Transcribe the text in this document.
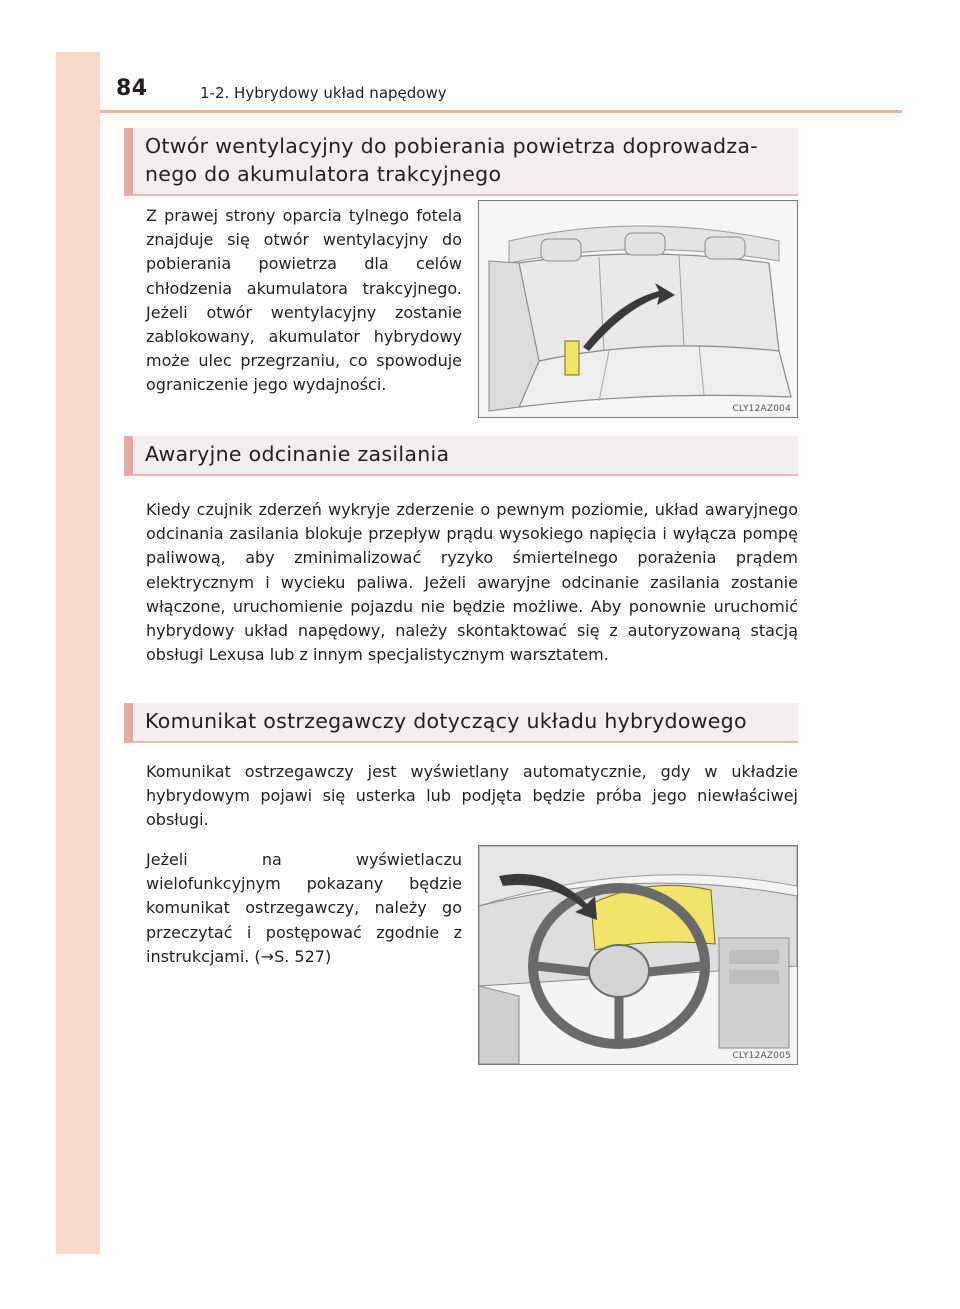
84	1-2. Hybrydowy układ napędowy
Otwór wentylacyjny do pobierania powietrza doprowadza-
nego do akumulatora trakcyjnego

Z prawej strony oparcia tylnego fotela znajduje się otwór wentylacyjny do pobierania powietrza dla celów chłodzenia akumulatora trakcyjnego. Jeżeli otwór wentylacyjny zostanie zablokowany, akumulator hybrydowy może ulec przegrzaniu, co spowoduje ograniczenie jego wydajności.

CLY12AZ004
Awaryjne odcinanie zasilania

Kiedy czujnik zderzeń wykryje zderzenie o pewnym poziomie, układ awaryjnego odcinania zasilania blokuje przepływ prądu wysokiego napięcia i wyłącza pompę paliwową, aby zminimalizować ryzyko śmiertelnego porażenia prądem elektrycznym i wycieku paliwa. Jeżeli awaryjne odcinanie zasilania zostanie włączone, uruchomienie pojazdu nie będzie możliwe. Aby ponownie uruchomić hybrydowy układ napędowy, należy skontaktować się z autoryzowaną stacją obsługi Lexusa lub z innym specjalistycznym warsztatem.

Komunikat ostrzegawczy dotyczący układu hybrydowego

Komunikat ostrzegawczy jest wyświetlany automatycznie, gdy w układzie hybrydowym pojawi się usterka lub podjęta będzie próba jego niewłaściwej obsługi.

Jeżeli na wyświetlaczu wielofunkcyjnym pokazany będzie komunikat ostrzegawczy, należy go przeczytać i postępować zgodnie z instrukcjami. (→S. 527)

CLY12AZ005
